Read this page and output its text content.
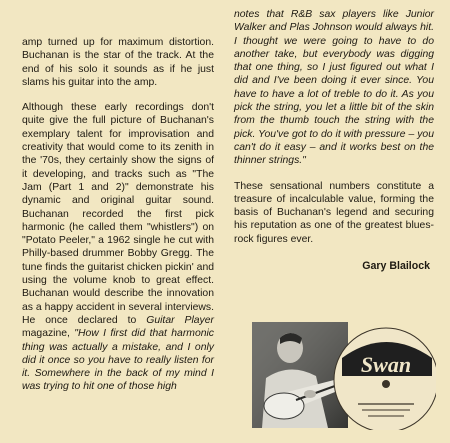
amp turned up for maximum distortion. Buchanan is the star of the track. At the end of his solo it sounds as if he just slams his guitar into the amp.

Although these early recordings don't quite give the full picture of Buchanan's exemplary talent for improvisation and creativity that would come to its zenith in the '70s, they certainly show the signs of it developing, and tracks such as "The Jam (Part 1 and 2)" demonstrate his dynamic and original guitar sound. Buchanan recorded the first pick harmonic (he called them "whistlers") on "Potato Peeler," a 1962 single he cut with Philly-based drummer Bobby Gregg. The tune finds the guitarist chicken pickin' and using the volume knob to great effect. Buchanan would describe the innovation as a happy accident in several interviews. He once declared to Guitar Player magazine, "How I first did that harmonic thing was actually a mistake, and I only did it once so you have to really listen for it. Somewhere in the back of my mind I was trying to hit one of those high

notes that R&B sax players like Junior Walker and Plas Johnson would always hit. I thought we were going to have to do another take, but everybody was digging that one thing, so I just figured out what I did and I've been doing it ever since. You have to have a lot of treble to do it. As you pick the string, you let a little bit of the skin from the thumb touch the string with the pick. You've got to do it with pressure – you can't do it easy – and it works best on the thinner strings."

These sensational numbers constitute a treasure of incalculable value, forming the basis of Buchanan's legend and securing his reputation as one of the greatest blues-rock figures ever.

Gary Blailock

Swan
